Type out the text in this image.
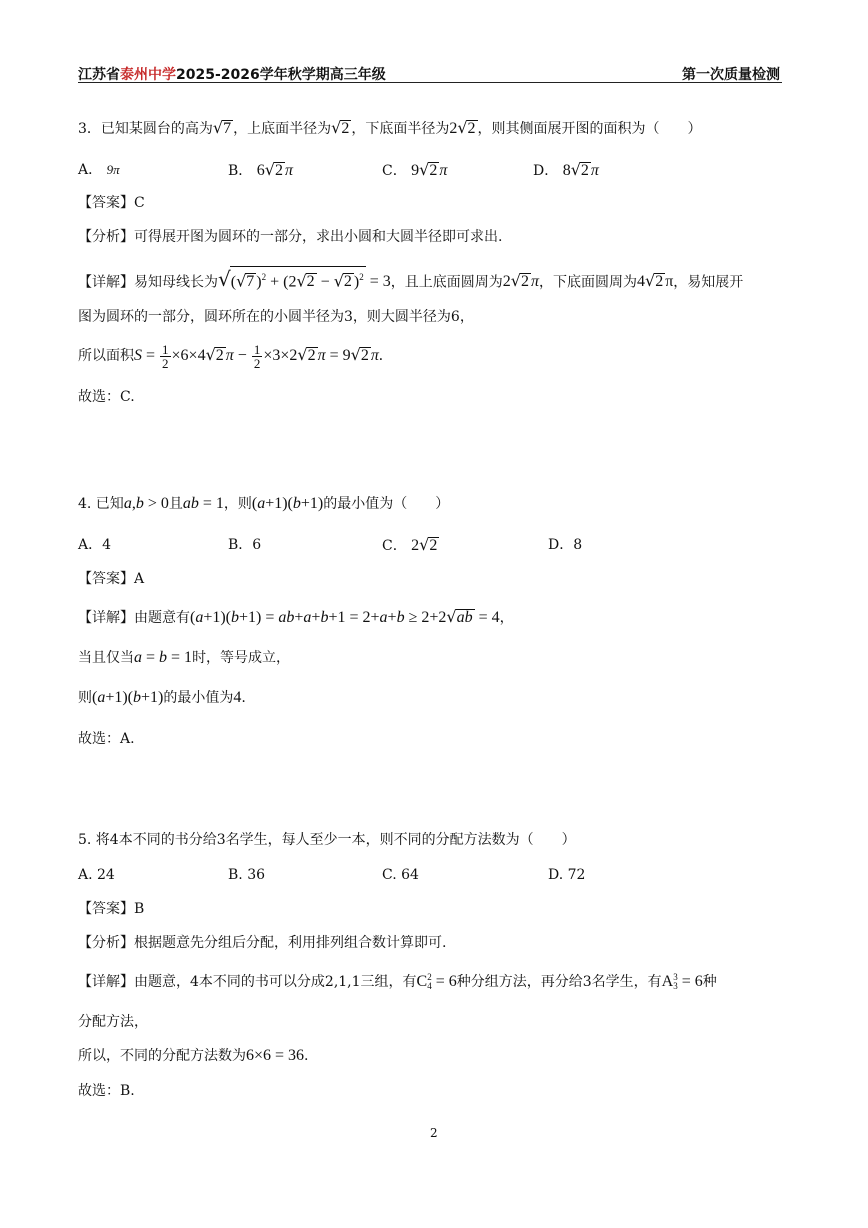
江苏省泰州中学2025-2026学年秋学期高三年级	第一次质量检测
3．已知某圆台的高为√7 ，上底面半径为√2 ，下底面半径为2√2 ，则其侧面展开图的面积为（　　）
A． 9π	B． 6√2 π	C． 9√2 π	D． 8√2 π
【答案】C
【分析】可得展开图为圆环的一部分，求出小圆和大圆半径即可求出.
【详解】易知母线长为√(√7 )$^2$ + (2√2 − √2 )$^2$ = 3，且上底面圆周为2√2 π，下底面圆周为4√2 π，易知展开
图为圆环的一部分，圆环所在的小圆半径为3，则大圆半径为6，
所以面积$S = \frac{1}{2} \times 6\times 4√2$ $\pi - \frac{1}{2} \times 3\times 2√2$ π = 9√2 π.
故选：C.
4. 已知a,b > 0且ab = 1，则(a+1)(b+1)的最小值为（　　）
A．4	B．6	C． 2√2	D．8
【答案】A
【详解】由题意有(a+1)(b+1) = ab+a+b+1 = 2+a+b ≥ 2+2√ab = 4，
当且仅当a = b = 1时，等号成立，
则(a+1)(b+1)的最小值为4.
故选：A.
5. 将4本不同的书分给3名学生，每人至少一本，则不同的分配方法数为（　　）
A. 24	B. 36	C. 64	D. 72
【答案】B
【分析】根据题意先分组后分配，利用排列组合数计算即可.
【详解】由题意，4本不同的书可以分成2,1,1三组，有C 2
4 = 6种分组方法，再分给3名学生，有A 3
3 = 6种
分配方法，
所以，不同的分配方法数为6×6 = 36.
故选：B.
2
